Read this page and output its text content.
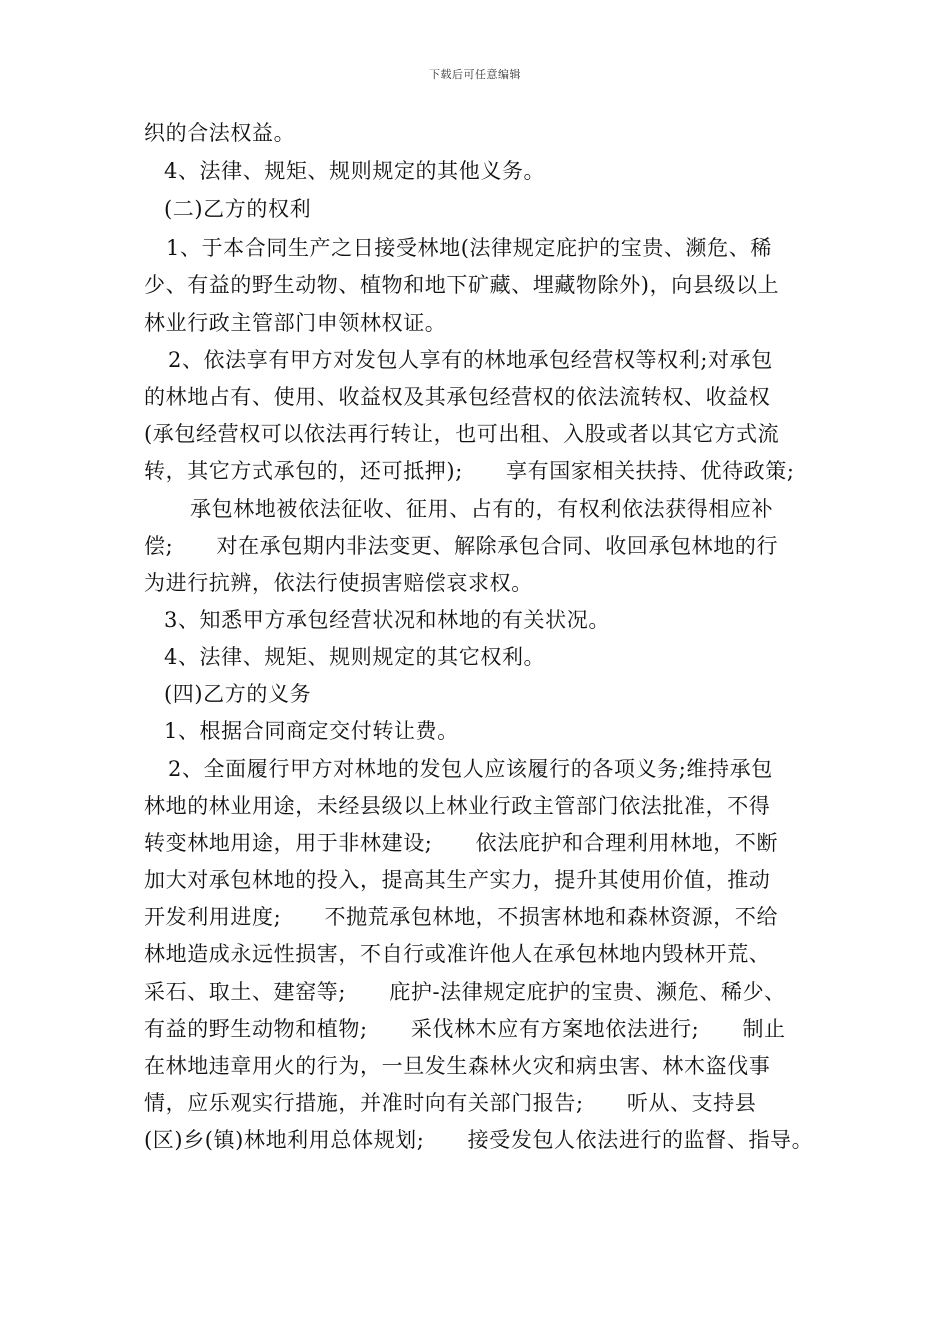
下载后可任意编辑
织的合法权益。
4、法律、规矩、规则规定的其他义务。
(二)乙方的权利
1、于本合同生产之日接受林地(法律规定庇护的宝贵、濒危、稀
少、有益的野生动物、植物和地下矿藏、埋藏物除外)，向县级以上
林业行政主管部门申领林权证。
2、依法享有甲方对发包人享有的林地承包经营权等权利;对承包
的林地占有、使用、收益权及其承包经营权的依法流转权、收益权
(承包经营权可以依法再行转让，也可出租、入股或者以其它方式流
转，其它方式承包的，还可抵押);　　享有国家相关扶持、优待政策;
承包林地被依法征收、征用、占有的，有权利依法获得相应补
偿;　　对在承包期内非法变更、解除承包合同、收回承包林地的行
为进行抗辨，依法行使损害赔偿哀求权。
3、知悉甲方承包经营状况和林地的有关状况。
4、法律、规矩、规则规定的其它权利。
(四)乙方的义务
1、根据合同商定交付转让费。
2、全面履行甲方对林地的发包人应该履行的各项义务;维持承包
林地的林业用途，未经县级以上林业行政主管部门依法批准，不得
转变林地用途，用于非林建设;　　依法庇护和合理利用林地，不断
加大对承包林地的投入，提高其生产实力，提升其使用价值，推动
开发利用进度;　　不抛荒承包林地，不损害林地和森林资源，不给
林地造成永远性损害，不自行或准许他人在承包林地内毁林开荒、
采石、取土、建窑等;　　庇护-法律规定庇护的宝贵、濒危、稀少、
有益的野生动物和植物;　　采伐林木应有方案地依法进行;　　制止
在林地违章用火的行为，一旦发生森林火灾和病虫害、林木盗伐事
情，应乐观实行措施，并准时向有关部门报告;　　听从、支持县
(区)乡(镇)林地利用总体规划;　　接受发包人依法进行的监督、指导。
